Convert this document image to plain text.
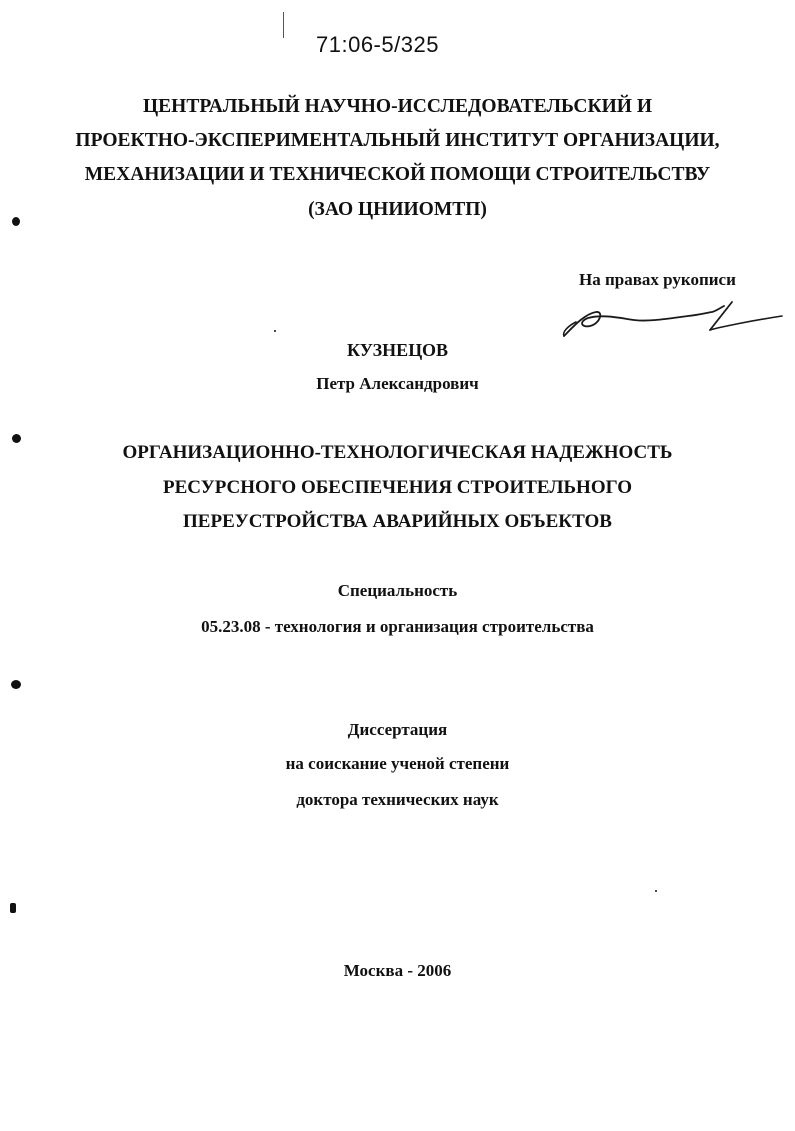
71:06-5/325
ЦЕНТРАЛЬНЫЙ НАУЧНО-ИССЛЕДОВАТЕЛЬСКИЙ И
ПРОЕКТНО-ЭКСПЕРИМЕНТАЛЬНЫЙ ИНСТИТУТ ОРГАНИЗАЦИИ,
МЕХАНИЗАЦИИ И ТЕХНИЧЕСКОЙ ПОМОЩИ СТРОИТЕЛЬСТВУ
(ЗАО ЦНИИОМТП)
На правах рукописи
КУЗНЕЦОВ
Петр Александрович
ОРГАНИЗАЦИОННО-ТЕХНОЛОГИЧЕСКАЯ НАДЕЖНОСТЬ
РЕСУРСНОГО ОБЕСПЕЧЕНИЯ СТРОИТЕЛЬНОГО
ПЕРЕУСТРОЙСТВА АВАРИЙНЫХ ОБЪЕКТОВ
Специальность
05.23.08 - технология и организация строительства
Диссертация
на соискание ученой степени
доктора технических наук
Москва - 2006
